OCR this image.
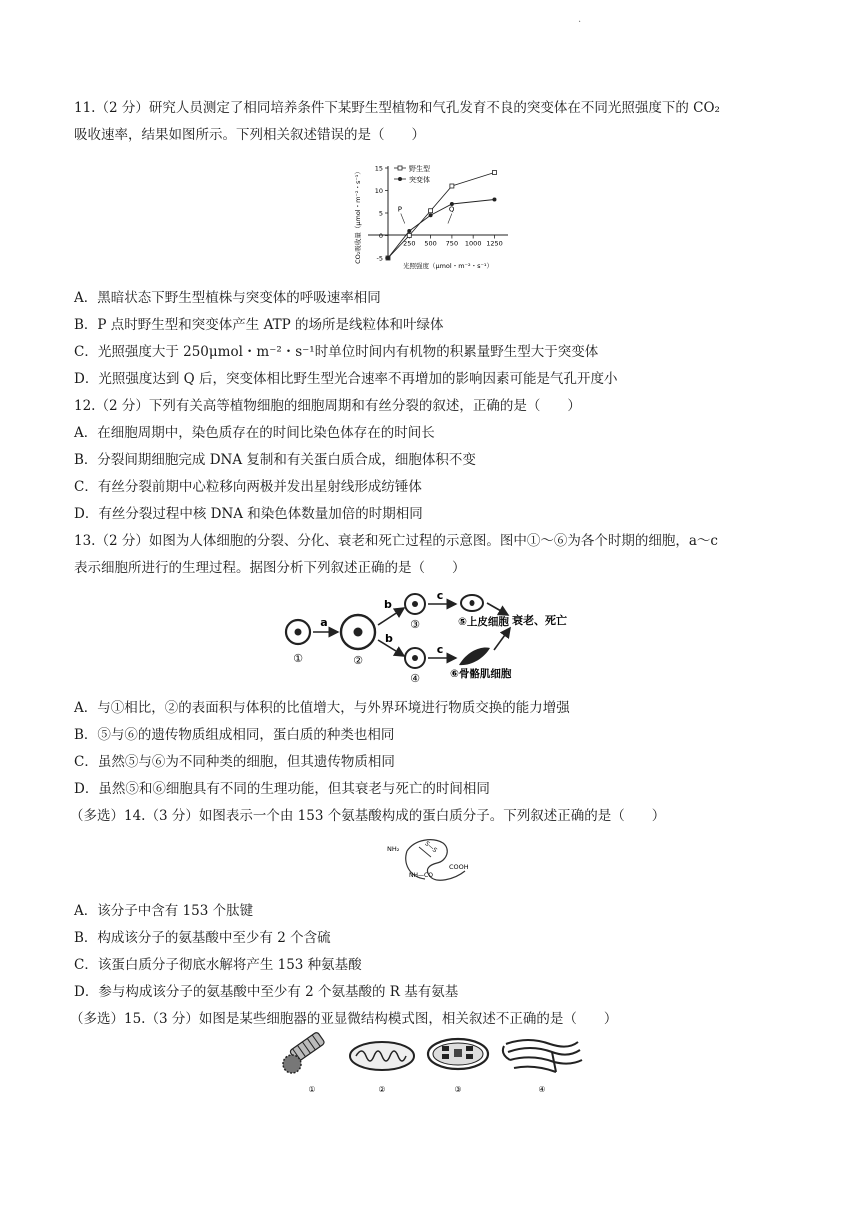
.
11.（2 分）研究人员测定了相同培养条件下某野生型植物和气孔发育不良的突变体在不同光照强度下的 CO₂
吸收速率，结果如图所示。下列相关叙述错误的是（　　）
15
10
5
0
-5
250 500 750 1000 1250
P	Q
野生型
突变体
光照强度（μmol・m⁻²・s⁻¹）
CO₂吸收量（μmol・m⁻²・s⁻¹）
A．黑暗状态下野生型植株与突变体的呼吸速率相同
B．P 点时野生型和突变体产生 ATP 的场所是线粒体和叶绿体
C．光照强度大于 250μmol・m⁻²・s⁻¹时单位时间内有机物的积累量野生型大于突变体
D．光照强度达到 Q 后，突变体相比野生型光合速率不再增加的影响因素可能是气孔开度小
12.（2 分）下列有关高等植物细胞的细胞周期和有丝分裂的叙述，正确的是（　　）
A．在细胞周期中，染色质存在的时间比染色体存在的时间长
B．分裂间期细胞完成 DNA 复制和有关蛋白质合成，细胞体积不变
C．有丝分裂前期中心粒移向两极并发出星射线形成纺锤体
D．有丝分裂过程中核 DNA 和染色体数量加倍的时期相同
13.（2 分）如图为人体细胞的分裂、分化、衰老和死亡过程的示意图。图中①～⑥为各个时期的细胞，a～c
表示细胞所进行的生理过程。据图分析下列叙述正确的是（　　）
①
a
②
b
b
③
④
c
c
⑤上皮细胞
⑥骨骼肌细胞
衰老、死亡
A．与①相比，②的表面积与体积的比值增大，与外界环境进行物质交换的能力增强
B．⑤与⑥的遗传物质组成相同，蛋白质的种类也相同
C．虽然⑤与⑥为不同种类的细胞，但其遗传物质相同
D．虽然⑤和⑥细胞具有不同的生理功能，但其衰老与死亡的时间相同
（多选）14.（3 分）如图表示一个由 153 个氨基酸构成的蛋白质分子。下列叙述正确的是（　　）
NH₂	S—S
NH—CO
COOH
A．该分子中含有 153 个肽键
B．构成该分子的氨基酸中至少有 2 个含硫
C．该蛋白质分子彻底水解将产生 153 种氨基酸
D．参与构成该分子的氨基酸中至少有 2 个氨基酸的 R 基有氨基
（多选）15.（3 分）如图是某些细胞器的亚显微结构模式图，相关叙述不正确的是（　　）
①	②	③	④
